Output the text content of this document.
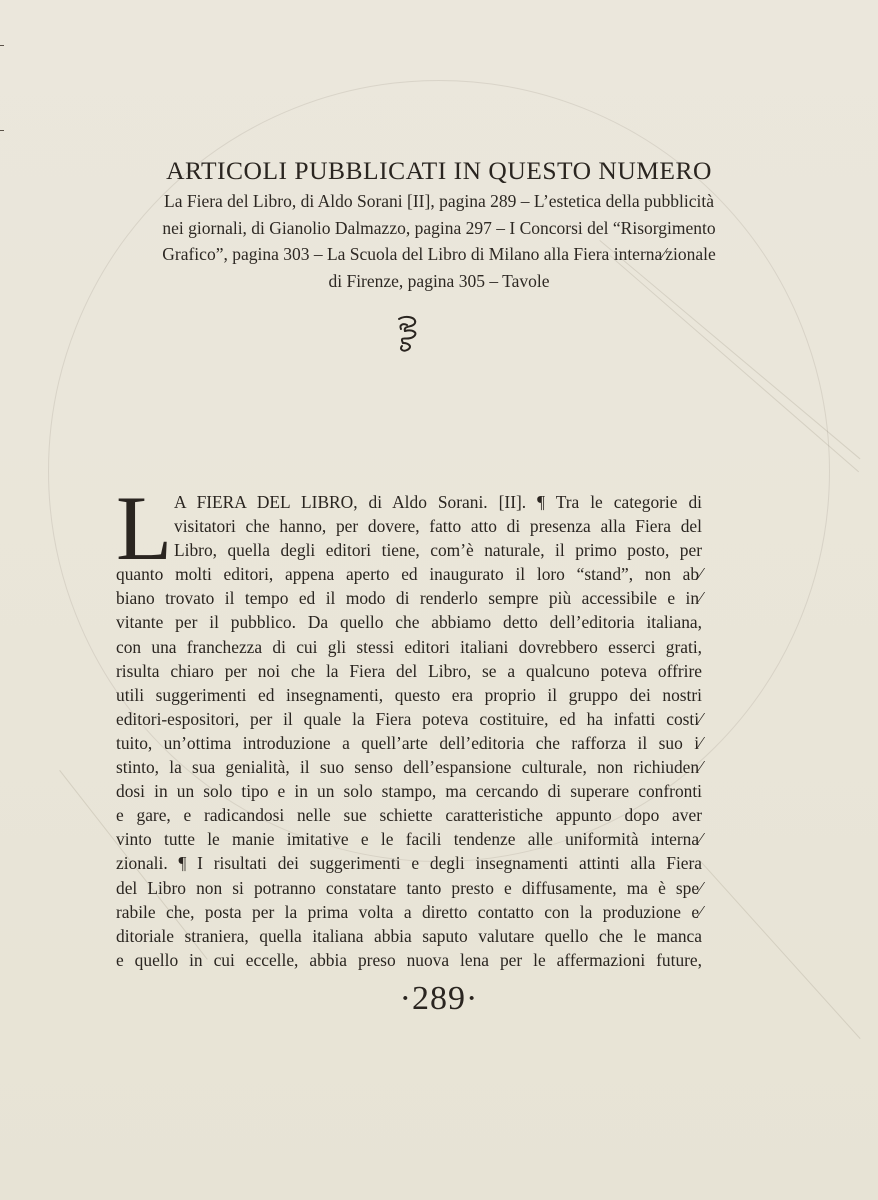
ARTICOLI PUBBLICATI IN QUESTO NUMERO
La Fiera del Libro, di Aldo Sorani [II], pagina 289 – L’estetica della pubblicità nei giornali, di Gianolio Dalmazzo, pagina 297 – I Concorsi del “Risorgimento Grafico”, pagina 303 – La Scuola del Libro di Milano alla Fiera interna⁄zionale di Firenze, pagina 305 – Tavole
L A FIERA DEL LIBRO, di Aldo Sorani. [II]. ¶ Tra le categorie di
visitatori che hanno, per dovere, fatto atto di presenza alla Fiera del
Libro, quella degli editori tiene, com’è naturale, il primo posto, per
quanto molti editori, appena aperto ed inaugurato il loro “stand”, non ab⁄
biano trovato il tempo ed il modo di renderlo sempre più accessibile e in⁄
vitante per il pubblico. Da quello che abbiamo detto dell’editoria italiana,
con una franchezza di cui gli stessi editori italiani dovrebbero esserci grati,
risulta chiaro per noi che la Fiera del Libro, se a qualcuno poteva offrire
utili suggerimenti ed insegnamenti, questo era proprio il gruppo dei nostri
editori-espositori, per il quale la Fiera poteva costituire, ed ha infatti costi⁄
tuito, un’ottima introduzione a quell’arte dell’editoria che rafforza il suo i⁄
stinto, la sua genialità, il suo senso dell’espansione culturale, non richiuden⁄
dosi in un solo tipo e in un solo stampo, ma cercando di superare confronti
e gare, e radicandosi nelle sue schiette caratteristiche appunto dopo aver
vinto tutte le manie imitative e le facili tendenze alle uniformità interna⁄
zionali. ¶ I risultati dei suggerimenti e degli insegnamenti attinti alla Fiera
del Libro non si potranno constatare tanto presto e diffusamente, ma è spe⁄
rabile che, posta per la prima volta a diretto contatto con la produzione e⁄
ditoriale straniera, quella italiana abbia saputo valutare quello che le manca
e quello in cui eccelle, abbia preso nuova lena per le affermazioni future,
·289·
